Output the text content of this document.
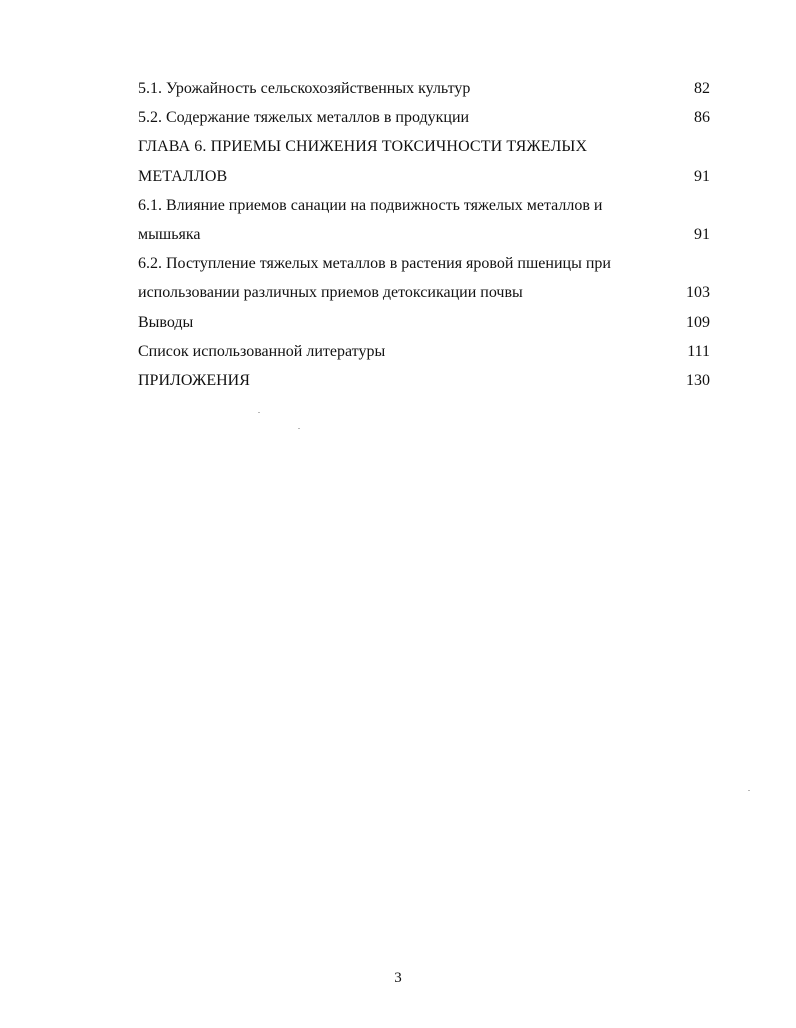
5.1. Урожайность сельскохозяйственных культур	82
5.2. Содержание тяжелых металлов в продукции	86
ГЛАВА 6. ПРИЕМЫ СНИЖЕНИЯ ТОКСИЧНОСТИ ТЯЖЕЛЫХ
МЕТАЛЛОВ	91
6.1. Влияние приемов санации на подвижность тяжелых металлов и
мышьяка	91
6.2. Поступление тяжелых металлов в растения яровой пшеницы при
использовании различных приемов детоксикации почвы	103
Выводы	109
Список использованной литературы	111
ПРИЛОЖЕНИЯ	130
3
